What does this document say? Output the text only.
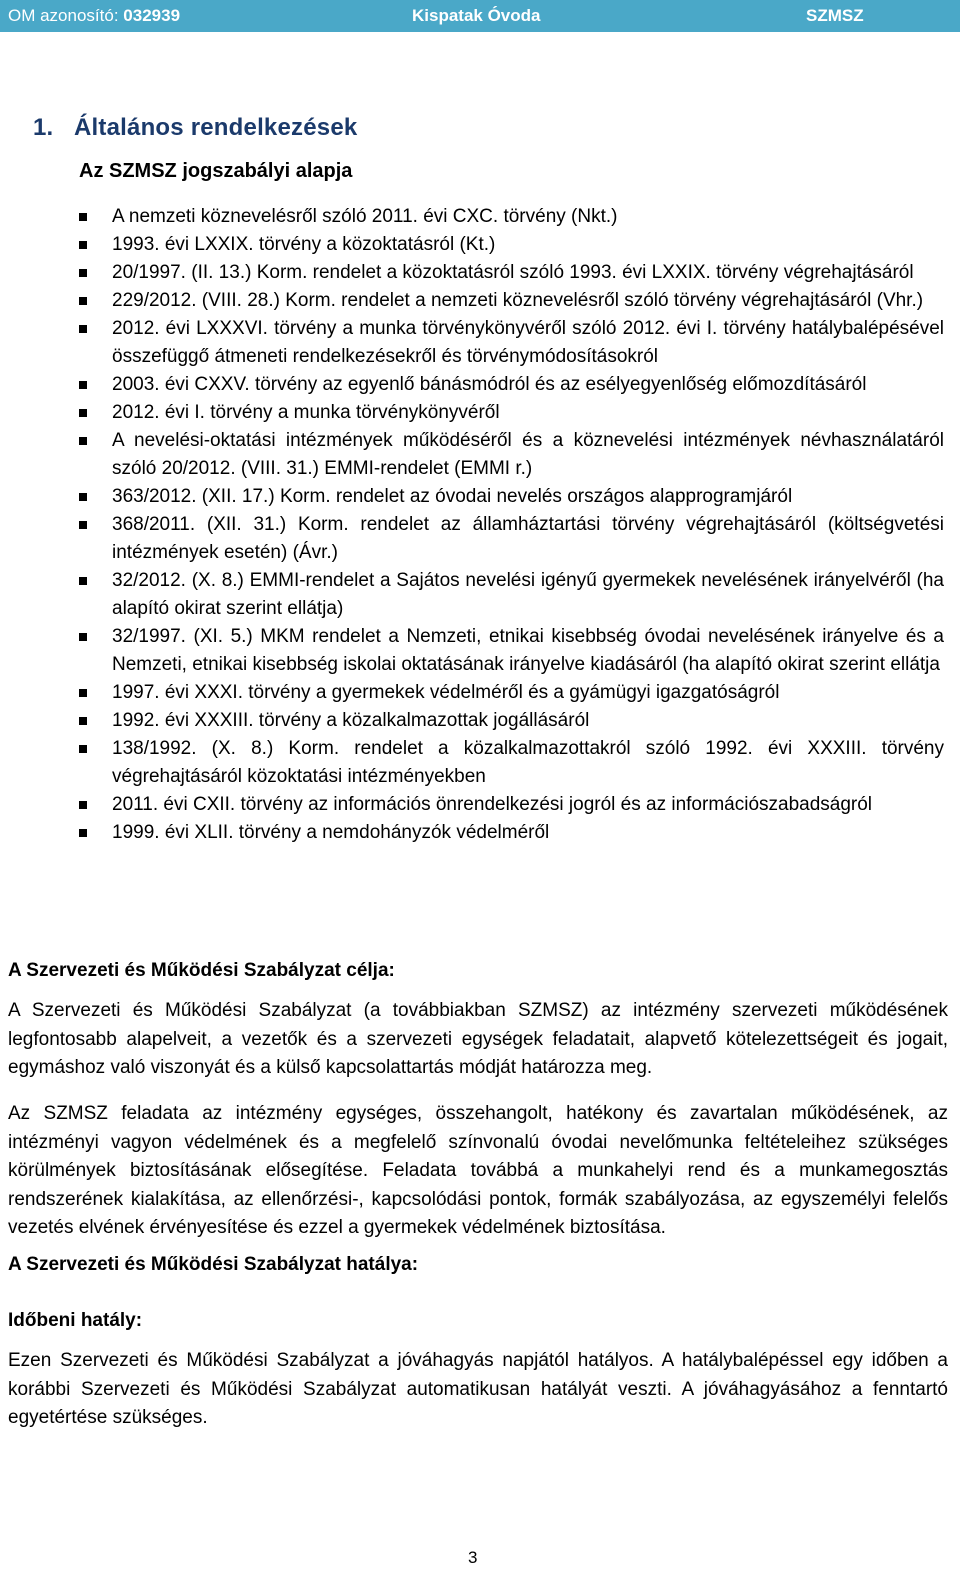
OM azonosító: 032939	Kispatak Óvoda	SZMSZ
1.   Általános rendelkezések
Az SZMSZ jogszabályi alapja
A nemzeti köznevelésről szóló 2011. évi CXC. törvény (Nkt.)
1993. évi LXXIX. törvény a közoktatásról (Kt.)
20/1997. (II. 13.) Korm. rendelet a közoktatásról szóló 1993. évi LXXIX. törvény végrehajtásáról
229/2012. (VIII. 28.) Korm. rendelet a nemzeti köznevelésről szóló törvény végrehajtásáról (Vhr.)
2012. évi LXXXVI. törvény a munka törvénykönyvéről szóló 2012. évi I. törvény hatálybalépésével összefüggő átmeneti rendelkezésekről és törvénymódosításokról
2003. évi CXXV. törvény az egyenlő bánásmódról és az esélyegyenlőség előmozdításáról
2012. évi I. törvény a munka törvénykönyvéről
A nevelési-oktatási intézmények működéséről és a köznevelési intézmények névhasználatáról szóló 20/2012. (VIII. 31.) EMMI-rendelet (EMMI r.)
363/2012. (XII. 17.) Korm. rendelet az óvodai nevelés országos alapprogramjáról
368/2011. (XII. 31.) Korm. rendelet az államháztartási törvény végrehajtásáról (költségvetési intézmények esetén) (Ávr.)
32/2012. (X. 8.) EMMI-rendelet a Sajátos nevelési igényű gyermekek nevelésének irányelvéről (ha alapító okirat szerint ellátja)
32/1997. (XI. 5.) MKM rendelet a Nemzeti, etnikai kisebbség óvodai nevelésének irányelve és a Nemzeti, etnikai kisebbség iskolai oktatásának irányelve kiadásáról (ha alapító okirat szerint ellátja
1997. évi XXXI. törvény a gyermekek védelméről és a gyámügyi igazgatóságról
1992. évi XXXIII. törvény a közalkalmazottak jogállásáról
138/1992. (X. 8.) Korm. rendelet a közalkalmazottakról szóló 1992. évi XXXIII. törvény végrehajtásáról közoktatási intézményekben
2011. évi CXII. törvény az információs önrendelkezési jogról és az információszabadságról
1999. évi XLII. törvény a nemdohányzók védelméről
A Szervezeti és Működési Szabályzat célja:
A Szervezeti és Működési Szabályzat (a továbbiakban SZMSZ) az intézmény szervezeti működésének legfontosabb alapelveit, a vezetők és a szervezeti egységek feladatait, alapvető kötelezettségeit és jogait, egymáshoz való viszonyát és a külső kapcsolattartás módját határozza meg.
Az SZMSZ feladata az intézmény egységes, összehangolt, hatékony és zavartalan működésének, az intézményi vagyon védelmének és a megfelelő színvonalú óvodai nevelőmunka feltételeihez szükséges körülmények biztosításának elősegítése. Feladata továbbá a munkahelyi rend és a munkamegosztás rendszerének kialakítása, az ellenőrzési-, kapcsolódási pontok, formák szabályozása, az egyszemélyi felelős vezetés elvének érvényesítése és ezzel a gyermekek védelmének biztosítása.
A Szervezeti és Működési Szabályzat hatálya:
Időbeni hatály:
Ezen Szervezeti és Működési Szabályzat a jóváhagyás napjától hatályos. A hatálybalépéssel egy időben a korábbi Szervezeti és Működési Szabályzat automatikusan hatályát veszti. A jóváhagyásához a fenntartó egyetértése szükséges.
3
